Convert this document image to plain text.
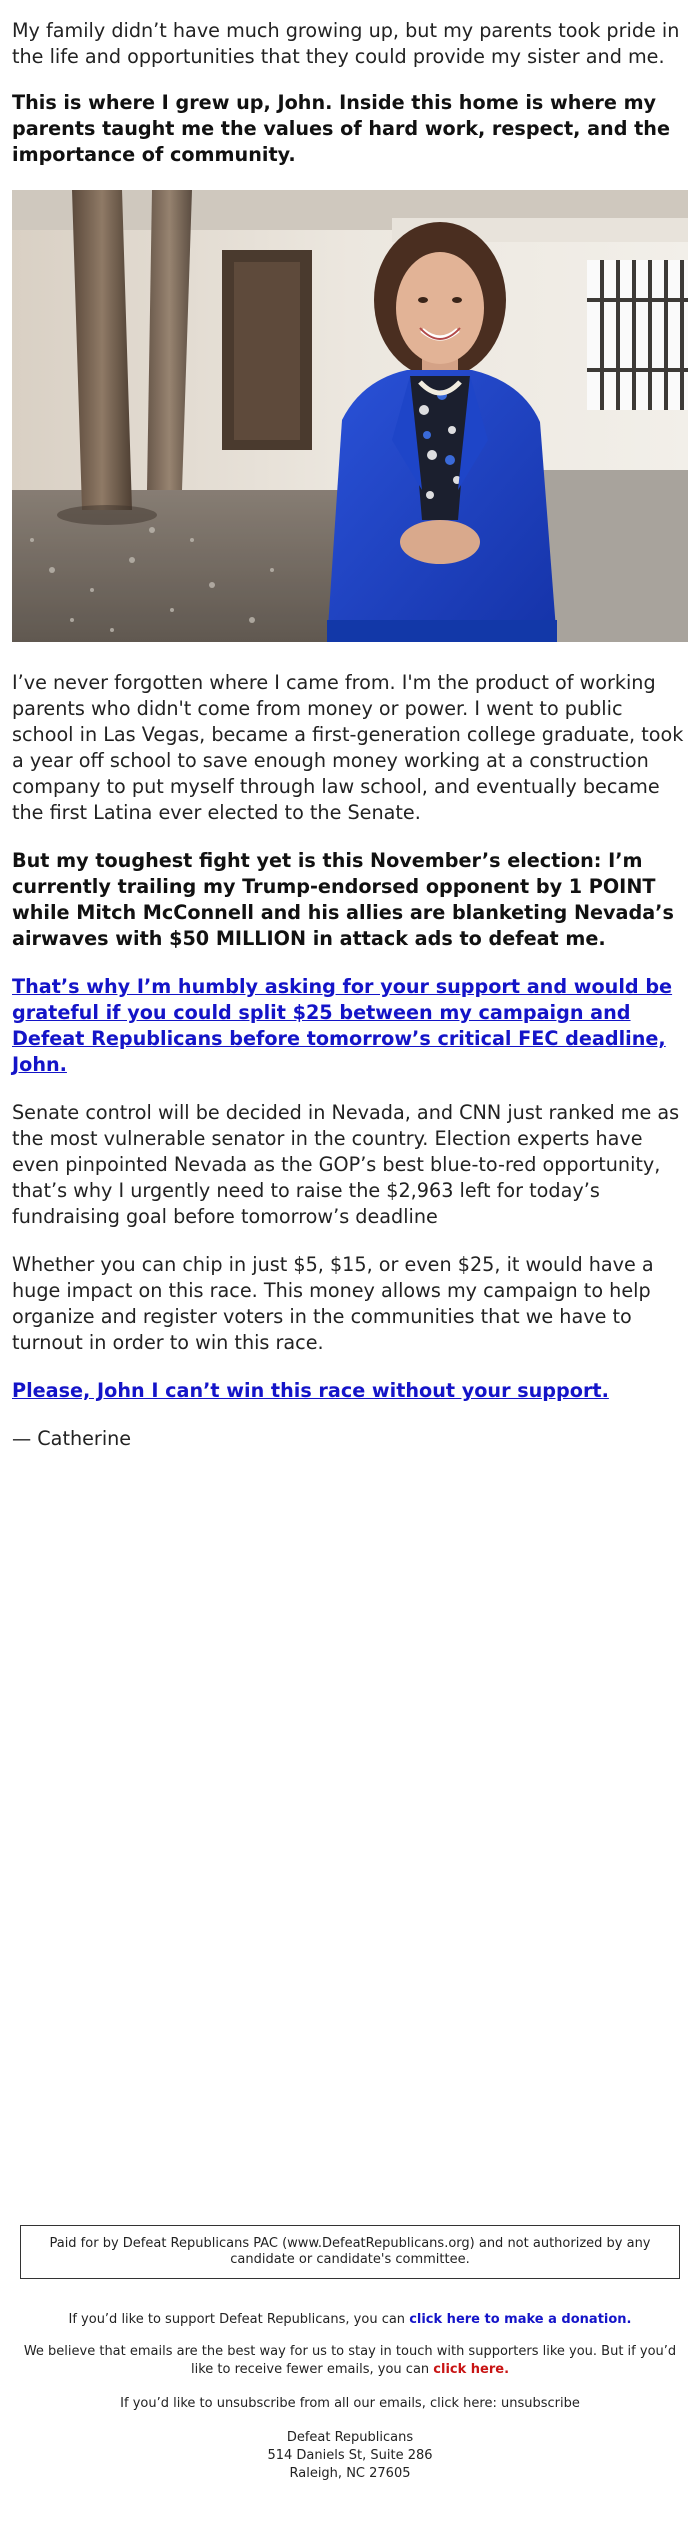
My family didn’t have much growing up, but my parents took pride in the life and opportunities that they could provide my sister and me.

This is where I grew up, John. Inside this home is where my parents taught me the values of hard work, respect, and the importance of community.

I’ve never forgotten where I came from. I'm the product of working parents who didn't come from money or power. I went to public school in Las Vegas, became a first-generation college graduate, took a year off school to save enough money working at a construction company to put myself through law school, and eventually became the first Latina ever elected to the Senate.

But my toughest fight yet is this November’s election: I’m currently trailing my Trump-endorsed opponent by 1 POINT while Mitch McConnell and his allies are blanketing Nevada’s airwaves with $50 MILLION in attack ads to defeat me.

That’s why I’m humbly asking for your support and would be grateful if you could split $25 between my campaign and Defeat Republicans before tomorrow’s critical FEC deadline, John.

Senate control will be decided in Nevada, and CNN just ranked me as the most vulnerable senator in the country. Election experts have even pinpointed Nevada as the GOP’s best blue-to-red opportunity, that’s why I urgently need to raise the $2,963 left for today’s fundraising goal before tomorrow’s deadline

Whether you can chip in just $5, $15, or even $25, it would have a huge impact on this race. This money allows my campaign to help organize and register voters in the communities that we have to turnout in order to win this race.

Please, John I can’t win this race without your support.

— Catherine

Paid for by Defeat Republicans PAC (www.DefeatRepublicans.org) and not authorized by any candidate or candidate's committee.
If you’d like to support Defeat Republicans, you can click here to make a donation.
We believe that emails are the best way for us to stay in touch with supporters like you. But if you’d like to receive fewer emails, you can click here.
If you’d like to unsubscribe from all our emails, click here: unsubscribe
Defeat Republicans
514 Daniels St, Suite 286
Raleigh, NC 27605
